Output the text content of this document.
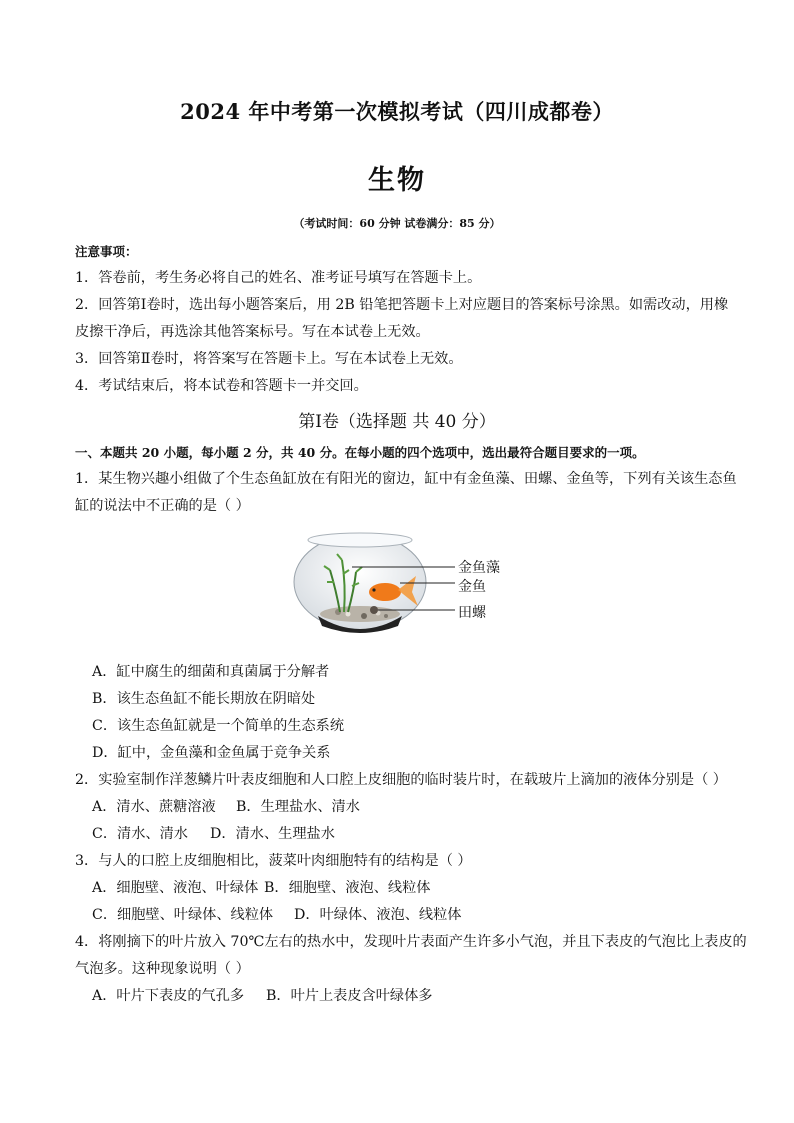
2024 年中考第一次模拟考试（四川成都卷）
生物
（考试时间：60 分钟 试卷满分：85 分）
注意事项：
1．答卷前，考生务必将自己的姓名、准考证号填写在答题卡上。
2．回答第Ⅰ卷时，选出每小题答案后，用 2B 铅笔把答题卡上对应题目的答案标号涂黑。如需改动，用橡
皮擦干净后，再选涂其他答案标号。写在本试卷上无效。
3．回答第Ⅱ卷时，将答案写在答题卡上。写在本试卷上无效。
4．考试结束后，将本试卷和答题卡一并交回。
第Ⅰ卷（选择题 共 40 分）
一、本题共 20 小题，每小题 2 分，共 40 分。在每小题的四个选项中，选出最符合题目要求的一项。
1．某生物兴趣小组做了个生态鱼缸放在有阳光的窗边，缸中有金鱼藻、田螺、金鱼等，下列有关该生态鱼
缸的说法中不正确的是（ ）
金鱼藻
金鱼
田螺
A．缸中腐生的细菌和真菌属于分解者
B．该生态鱼缸不能长期放在阴暗处
C．该生态鱼缸就是一个简单的生态系统
D．缸中，金鱼藻和金鱼属于竞争关系
2．实验室制作洋葱鳞片叶表皮细胞和人口腔上皮细胞的临时装片时，在载玻片上滴加的液体分别是（ ）
A．清水、蔗糖溶液 B．生理盐水、清水
C．清水、清水 D．清水、生理盐水
3．与人的口腔上皮细胞相比，菠菜叶肉细胞特有的结构是（ ）
A．细胞壁、液泡、叶绿体 B．细胞壁、液泡、线粒体
C．细胞壁、叶绿体、线粒体 D．叶绿体、液泡、线粒体
4．将刚摘下的叶片放入 70℃左右的热水中，发现叶片表面产生许多小气泡，并且下表皮的气泡比上表皮的
气泡多。这种现象说明（ ）
A．叶片下表皮的气孔多 B．叶片上表皮含叶绿体多
